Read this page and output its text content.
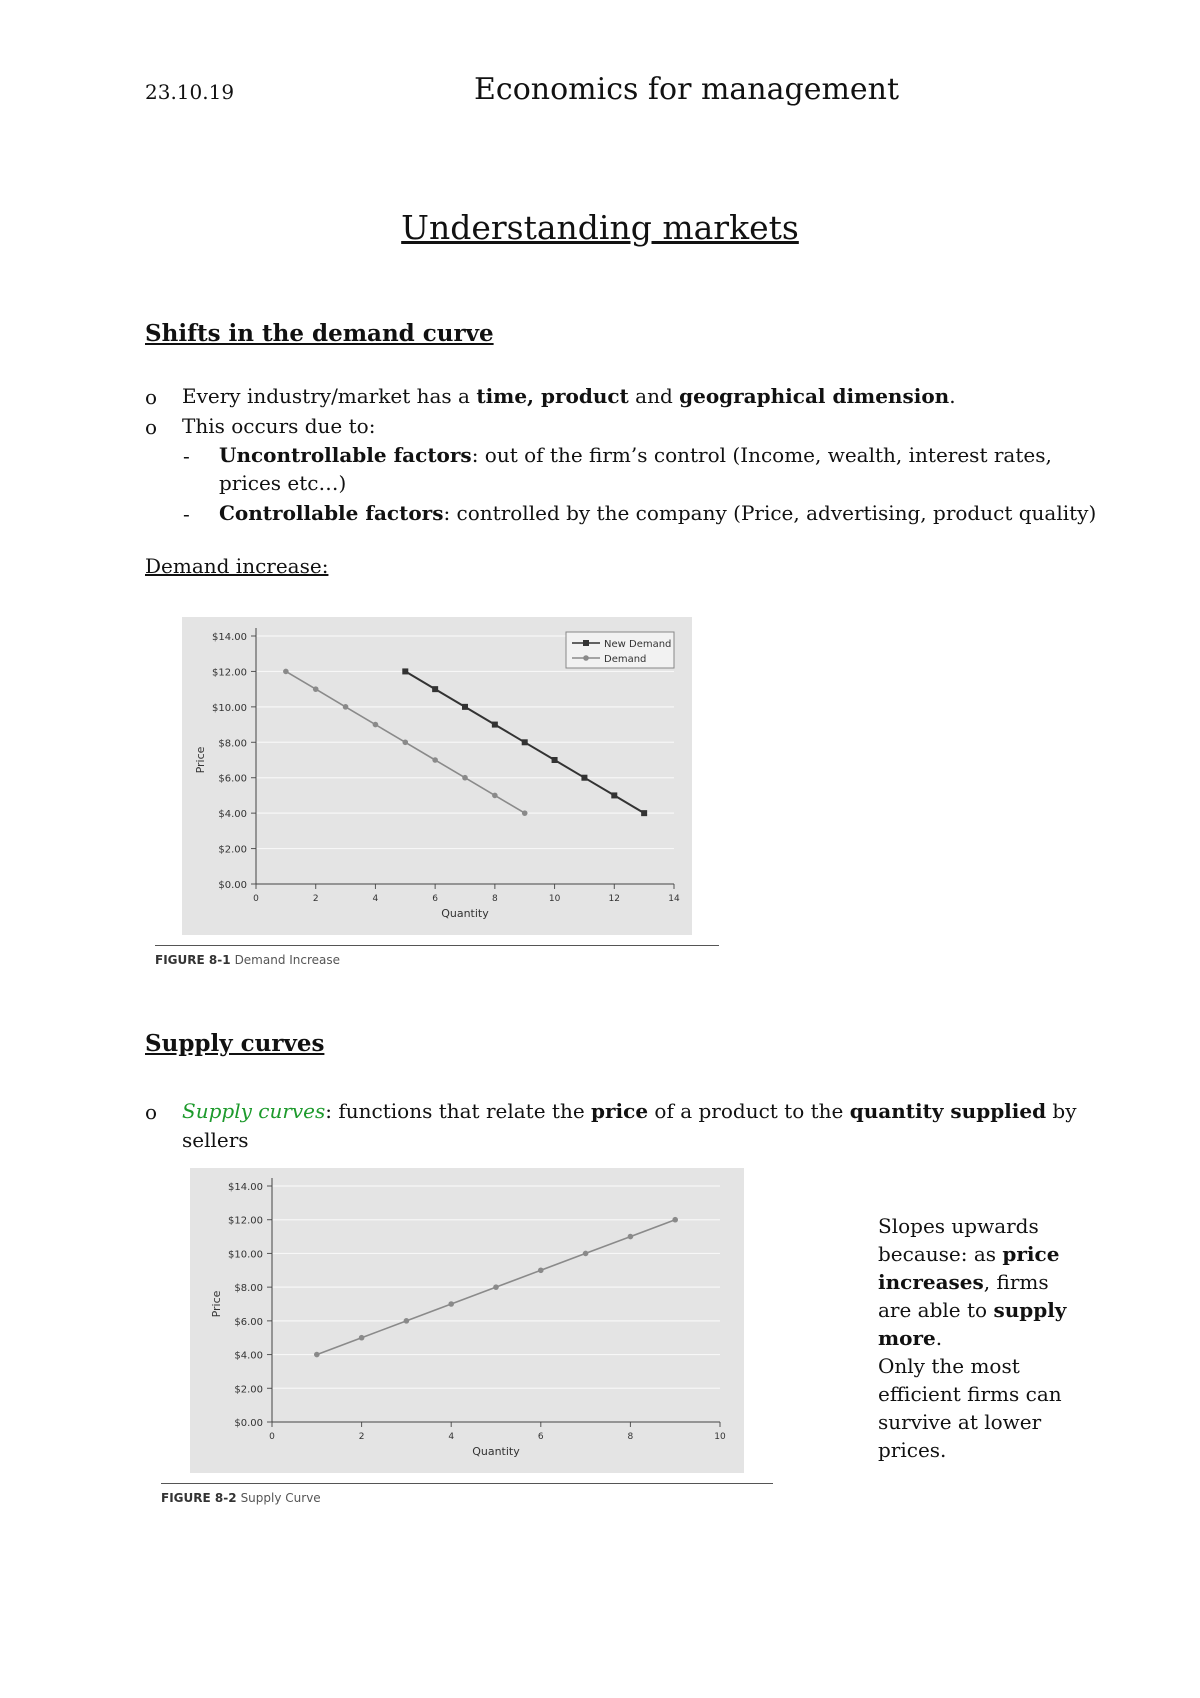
23.10.19	Economics for management
Understanding markets
Shifts in the demand curve
o Every industry/market has a time, product and geographical dimension.
o This occurs due to:
- Uncontrollable factors: out of the firm’s control (Income, wealth, interest rates,
prices etc…)
- Controllable factors: controlled by the company (Price, advertising, product quality)
Demand increase:
$0.00
$2.00
$4.00
$6.00
$8.00
$10.00
$12.00
$14.00
0	2	4	6	8	10	12	14
Quantity
Price
New Demand
Demand
FIGURE 8-1 Demand Increase
Supply curves
o Supply curves: functions that relate the price of a product to the quantity supplied by
sellers
$0.00
$2.00
$4.00
$6.00
$8.00
$10.00
$12.00
$14.00
0	2	4	6	8	10
Quantity
Price
FIGURE 8-2 Supply Curve
Slopes upwards
because: as price
increases, firms
are able to supply
more.
Only the most
efficient firms can
survive at lower
prices.
